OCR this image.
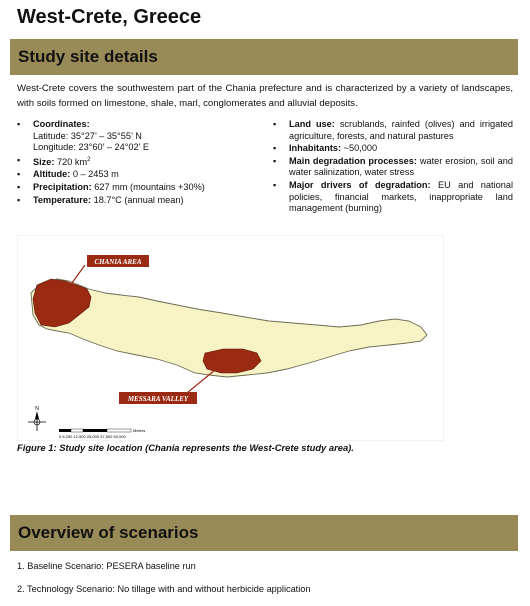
West-Crete, Greece
Study site details
West-Crete covers the southwestern part of the Chania prefecture and is characterized by a variety of landscapes, with soils formed on limestone, shale, marl, conglomerates and alluvial deposits.
▪ Coordinates:
Latitude: 35°27’ – 35°55’ N
Longitude: 23°60’ – 24°02’ E
▪ Size: 720 $km^2$
▪ Altitude: 0 – 2453 m
▪ Precipitation: 627 mm (mountains +30%)
▪ Temperature: 18.7°C (annual mean)
▪ Land use: scrublands, rainfed (olives) and irrigated agriculture, forests, and natural pastures
▪ Inhabitants: ~50,000
▪ Main degradation processes: water erosion, soil and water salinization, water stress
▪ Major drivers of degradation: EU and national policies, financial markets, inappropriate land management (burning)
CHANIA AREA
MESSARA VALLEY
N
0 6,250 12,500 25,000 37,500 50,000
Meters
Figure 1: Study site location (Chania represents the West-Crete study area).
Overview of scenarios
1. Baseline Scenario: PESERA baseline run
2. Technology Scenario: No tillage with and without herbicide application
